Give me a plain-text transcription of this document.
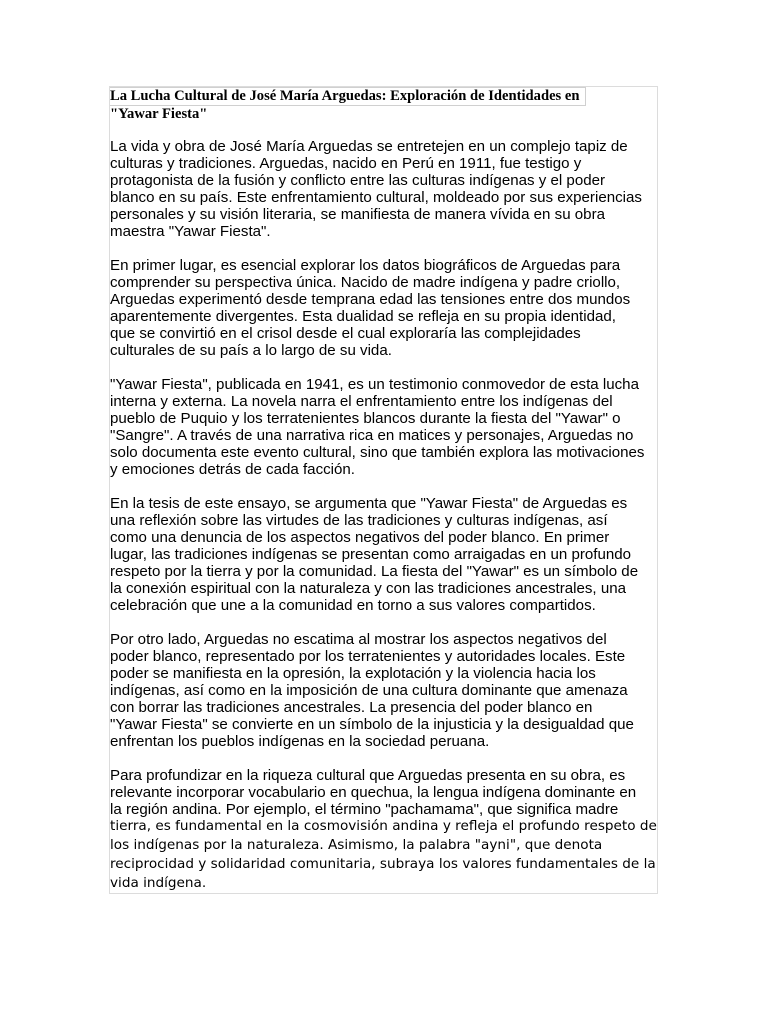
La Lucha Cultural de José María Arguedas: Exploración de Identidades en
"Yawar Fiesta"

La vida y obra de José María Arguedas se entretejen en un complejo tapiz de
culturas y tradiciones. Arguedas, nacido en Perú en 1911, fue testigo y
protagonista de la fusión y conflicto entre las culturas indígenas y el poder
blanco en su país. Este enfrentamiento cultural, moldeado por sus experiencias
personales y su visión literaria, se manifiesta de manera vívida en su obra
maestra "Yawar Fiesta".

En primer lugar, es esencial explorar los datos biográficos de Arguedas para
comprender su perspectiva única. Nacido de madre indígena y padre criollo,
Arguedas experimentó desde temprana edad las tensiones entre dos mundos
aparentemente divergentes. Esta dualidad se refleja en su propia identidad,
que se convirtió en el crisol desde el cual exploraría las complejidades
culturales de su país a lo largo de su vida.

"Yawar Fiesta", publicada en 1941, es un testimonio conmovedor de esta lucha
interna y externa. La novela narra el enfrentamiento entre los indígenas del
pueblo de Puquio y los terratenientes blancos durante la fiesta del "Yawar" o
"Sangre". A través de una narrativa rica en matices y personajes, Arguedas no
solo documenta este evento cultural, sino que también explora las motivaciones
y emociones detrás de cada facción.

En la tesis de este ensayo, se argumenta que "Yawar Fiesta" de Arguedas es
una reflexión sobre las virtudes de las tradiciones y culturas indígenas, así
como una denuncia de los aspectos negativos del poder blanco. En primer
lugar, las tradiciones indígenas se presentan como arraigadas en un profundo
respeto por la tierra y por la comunidad. La fiesta del "Yawar" es un símbolo de
la conexión espiritual con la naturaleza y con las tradiciones ancestrales, una
celebración que une a la comunidad en torno a sus valores compartidos.

Por otro lado, Arguedas no escatima al mostrar los aspectos negativos del
poder blanco, representado por los terratenientes y autoridades locales. Este
poder se manifiesta en la opresión, la explotación y la violencia hacia los
indígenas, así como en la imposición de una cultura dominante que amenaza
con borrar las tradiciones ancestrales. La presencia del poder blanco en
"Yawar Fiesta" se convierte en un símbolo de la injusticia y la desigualdad que
enfrentan los pueblos indígenas en la sociedad peruana.

Para profundizar en la riqueza cultural que Arguedas presenta en su obra, es
relevante incorporar vocabulario en quechua, la lengua indígena dominante en
la región andina. Por ejemplo, el término "pachamama", que significa madre
tierra, es fundamental en la cosmovisión andina y refleja el profundo respeto de
los indígenas por la naturaleza. Asimismo, la palabra "ayni", que denota
reciprocidad y solidaridad comunitaria, subraya los valores fundamentales de la
vida indígena.
